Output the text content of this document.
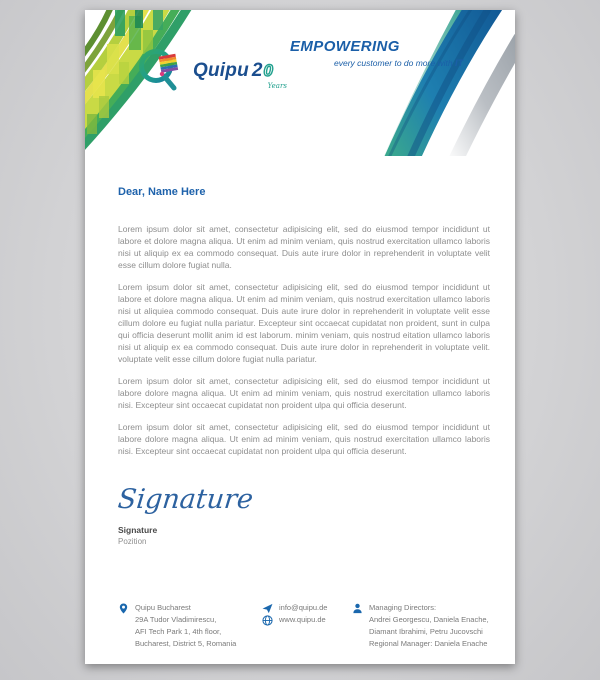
Quipu 20
Years
EMPOWERING
every customer to do more with IT
Dear, Name Here

Lorem ipsum dolor sit amet, consectetur adipisicing elit, sed do eiusmod tempor incididunt ut labore et dolore magna aliqua. Ut enim ad minim veniam, quis nostrud exercitation ullamco laboris nisi ut aliquip ex ea commodo consequat. Duis aute irure dolor in reprehenderit in voluptate velit esse cillum dolore fugiat nulla.

Lorem ipsum dolor sit amet, consectetur adipisicing elit, sed do eiusmod tempor incididunt ut labore et dolore magna aliqua. Ut enim ad minim veniam, quis nostrud exercitation ullamco laboris nisi ut aliquiea commodo consequat. Duis aute irure dolor in reprehenderit in voluptate velit esse cillum dolore eu fugiat nulla pariatur. Excepteur sint occaecat cupidatat non proident, sunt in culpa qui officia deserunt mollit anim id est laborum. minim veniam, quis nostrud eitation ullamco laboris nisi ut aliquip ex ea commodo consequat. Duis aute irure dolor in reprehenderit in voluptate velit. voluptate velit esse cillum dolore fugiat nulla pariatur.

Lorem ipsum dolor sit amet, consectetur adipisicing elit, sed do eiusmod tempor incididunt ut labore dolore magna aliqua. Ut enim ad minim veniam, quis nostrud exercitation ullamco laboris nisi. Excepteur sint occaecat cupidatat non proident ulpa qui officia deserunt.

Lorem ipsum dolor sit amet, consectetur adipisicing elit, sed do eiusmod tempor incididunt ut labore dolore magna aliqua. Ut enim ad minim veniam, quis nostrud exercitation ullamco laboris nisi. Excepteur sint occaecat cupidatat non proident ulpa qui officia deserunt.

Signature
Signature
Pozition
Quipu Bucharest
29A Tudor Vladimirescu,
AFI Tech Park 1, 4th floor,
Bucharest, District 5, Romania
info@quipu.de
www.quipu.de
Managing Directors:
Andrei Georgescu, Daniela Enache,
Diamant Ibrahimi, Petru Jucovschi
Regional Manager: Daniela Enache
